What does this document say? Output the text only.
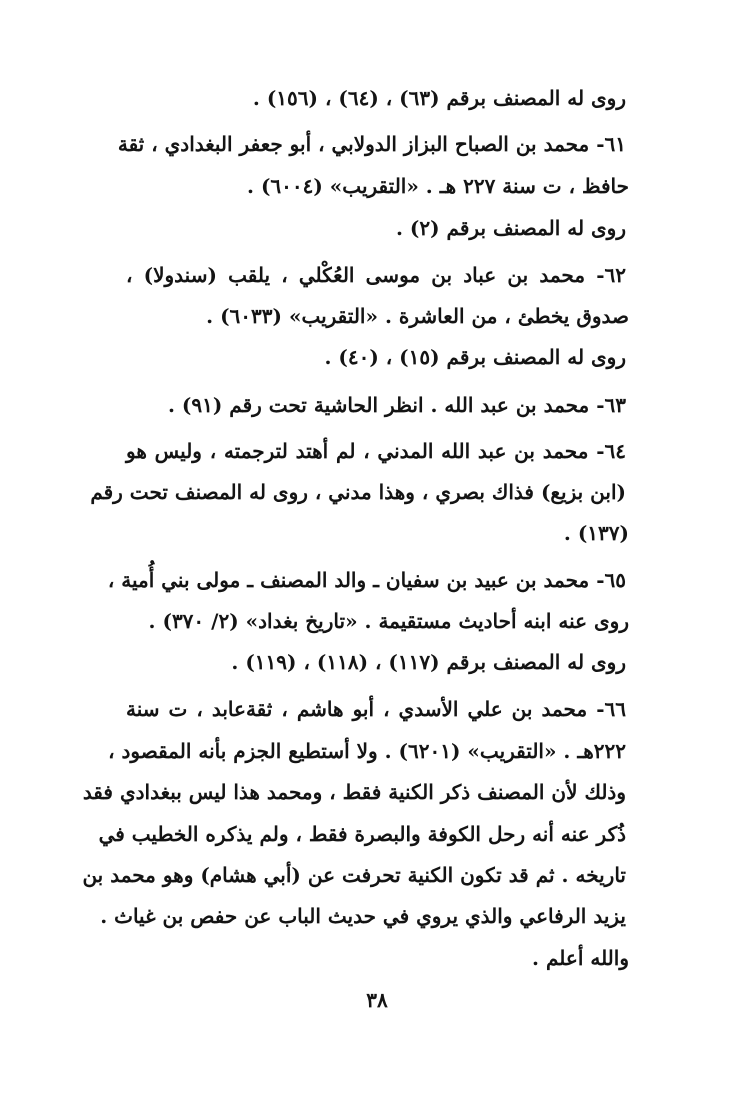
روى له المصنف برقم (٦٣) ، (٦٤) ، (١٥٦) .
٦١- محمد بن الصباح البزاز الدولابي ، أبو جعفر البغدادي ، ثقة
حافظ ، ت سنة ٢٢٧ هـ . «التقريب» (٦٠٠٤) .
روى له المصنف برقم (٢) .
٦٢- محمد بن عباد بن موسى العُكْلي ، يلقب (سندولا) ،
صدوق يخطئ ، من العاشرة . «التقريب» (٦٠٣٣) .
روى له المصنف برقم (١٥) ، (٤٠) .
٦٣- محمد بن عبد الله . انظر الحاشية تحت رقم (٩١) .
٦٤- محمد بن عبد الله المدني ، لم أهتد لترجمته ، وليس هو
(ابن بزيع) فذاك بصري ، وهذا مدني ، روى له المصنف تحت رقم
(١٣٧) .
٦٥- محمد بن عبيد بن سفيان ـ والد المصنف ـ مولى بني أُمية ،
روى عنه ابنه أحاديث مستقيمة . «تاريخ بغداد» (٢/ ٣٧٠) .
روى له المصنف برقم (١١٧) ، (١١٨) ، (١١٩) .
٦٦- محمد بن علي الأسدي ، أبو هاشم ، ثقةعابد ، ت سنة
٢٢٢هـ . «التقريب» (٦٢٠١) . ولا أستطيع الجزم بأنه المقصود ،
وذلك لأن المصنف ذكر الكنية فقط ، ومحمد هذا ليس ببغدادي فقد
ذُكر عنه أنه رحل الكوفة والبصرة فقط ، ولم يذكره الخطيب في
تاريخه . ثم قد تكون الكنية تحرفت عن (أبي هشام) وهو محمد بن
يزيد الرفاعي والذي يروي في حديث الباب عن حفص بن غياث .
والله أعلم .
٣٨
